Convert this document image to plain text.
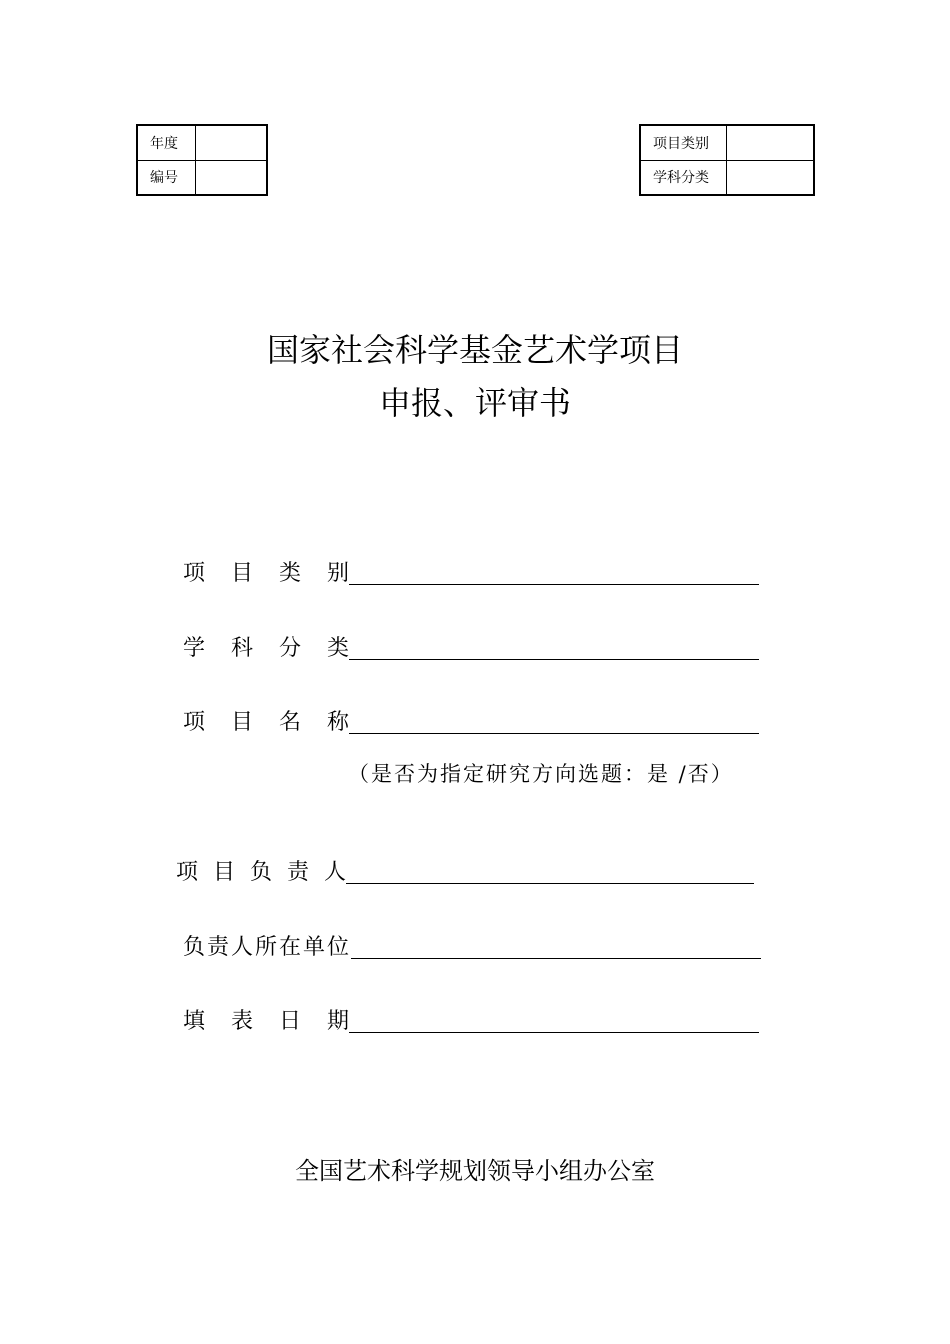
年度	
编号	
项目类别	
学科分类	
国家社会科学基金艺术学项目
申报、评审书
项目类别
学科分类
项目名称
（是否为指定研究方向选题：是 /否）
项目负责人
负责人所在单位
填表日期
全国艺术科学规划领导小组办公室
